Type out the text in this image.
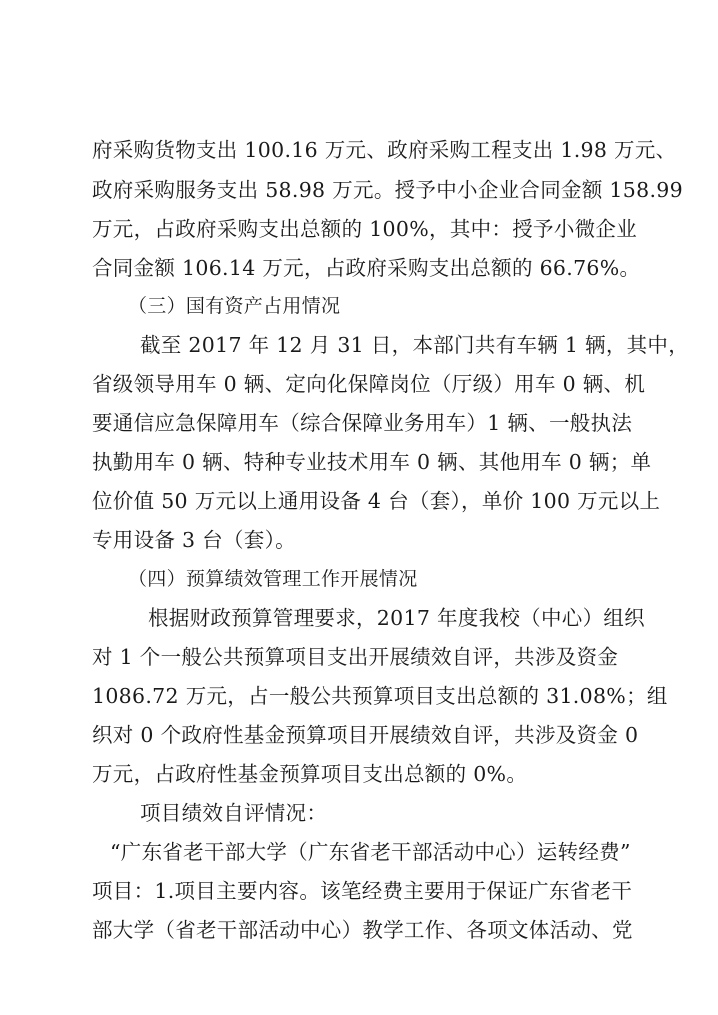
府采购货物支出 100.16 万元、政府采购工程支出 1.98 万元、
政府采购服务支出 58.98 万元。授予中小企业合同金额 158.99
万元，占政府采购支出总额的 100%，其中：授予小微企业
合同金额 106.14 万元，占政府采购支出总额的 66.76%。
（三）国有资产占用情况
截至 2017 年 12 月 31 日，本部门共有车辆 1 辆，其中，
省级领导用车 0 辆、定向化保障岗位（厅级）用车 0 辆、机
要通信应急保障用车（综合保障业务用车）1 辆、一般执法
执勤用车 0 辆、特种专业技术用车 0 辆、其他用车 0 辆；单
位价值 50 万元以上通用设备 4 台（套），单价 100 万元以上
专用设备 3 台（套）。
（四）预算绩效管理工作开展情况
根据财政预算管理要求，2017 年度我校（中心）组织
对 1 个一般公共预算项目支出开展绩效自评，共涉及资金
1086.72 万元，占一般公共预算项目支出总额的 31.08%；组
织对 0 个政府性基金预算项目开展绩效自评，共涉及资金 0
万元，占政府性基金预算项目支出总额的 0%。
项目绩效自评情况：
“广东省老干部大学（广东省老干部活动中心）运转经费”
项目：1.项目主要内容。该笔经费主要用于保证广东省老干
部大学（省老干部活动中心）教学工作、各项文体活动、党
